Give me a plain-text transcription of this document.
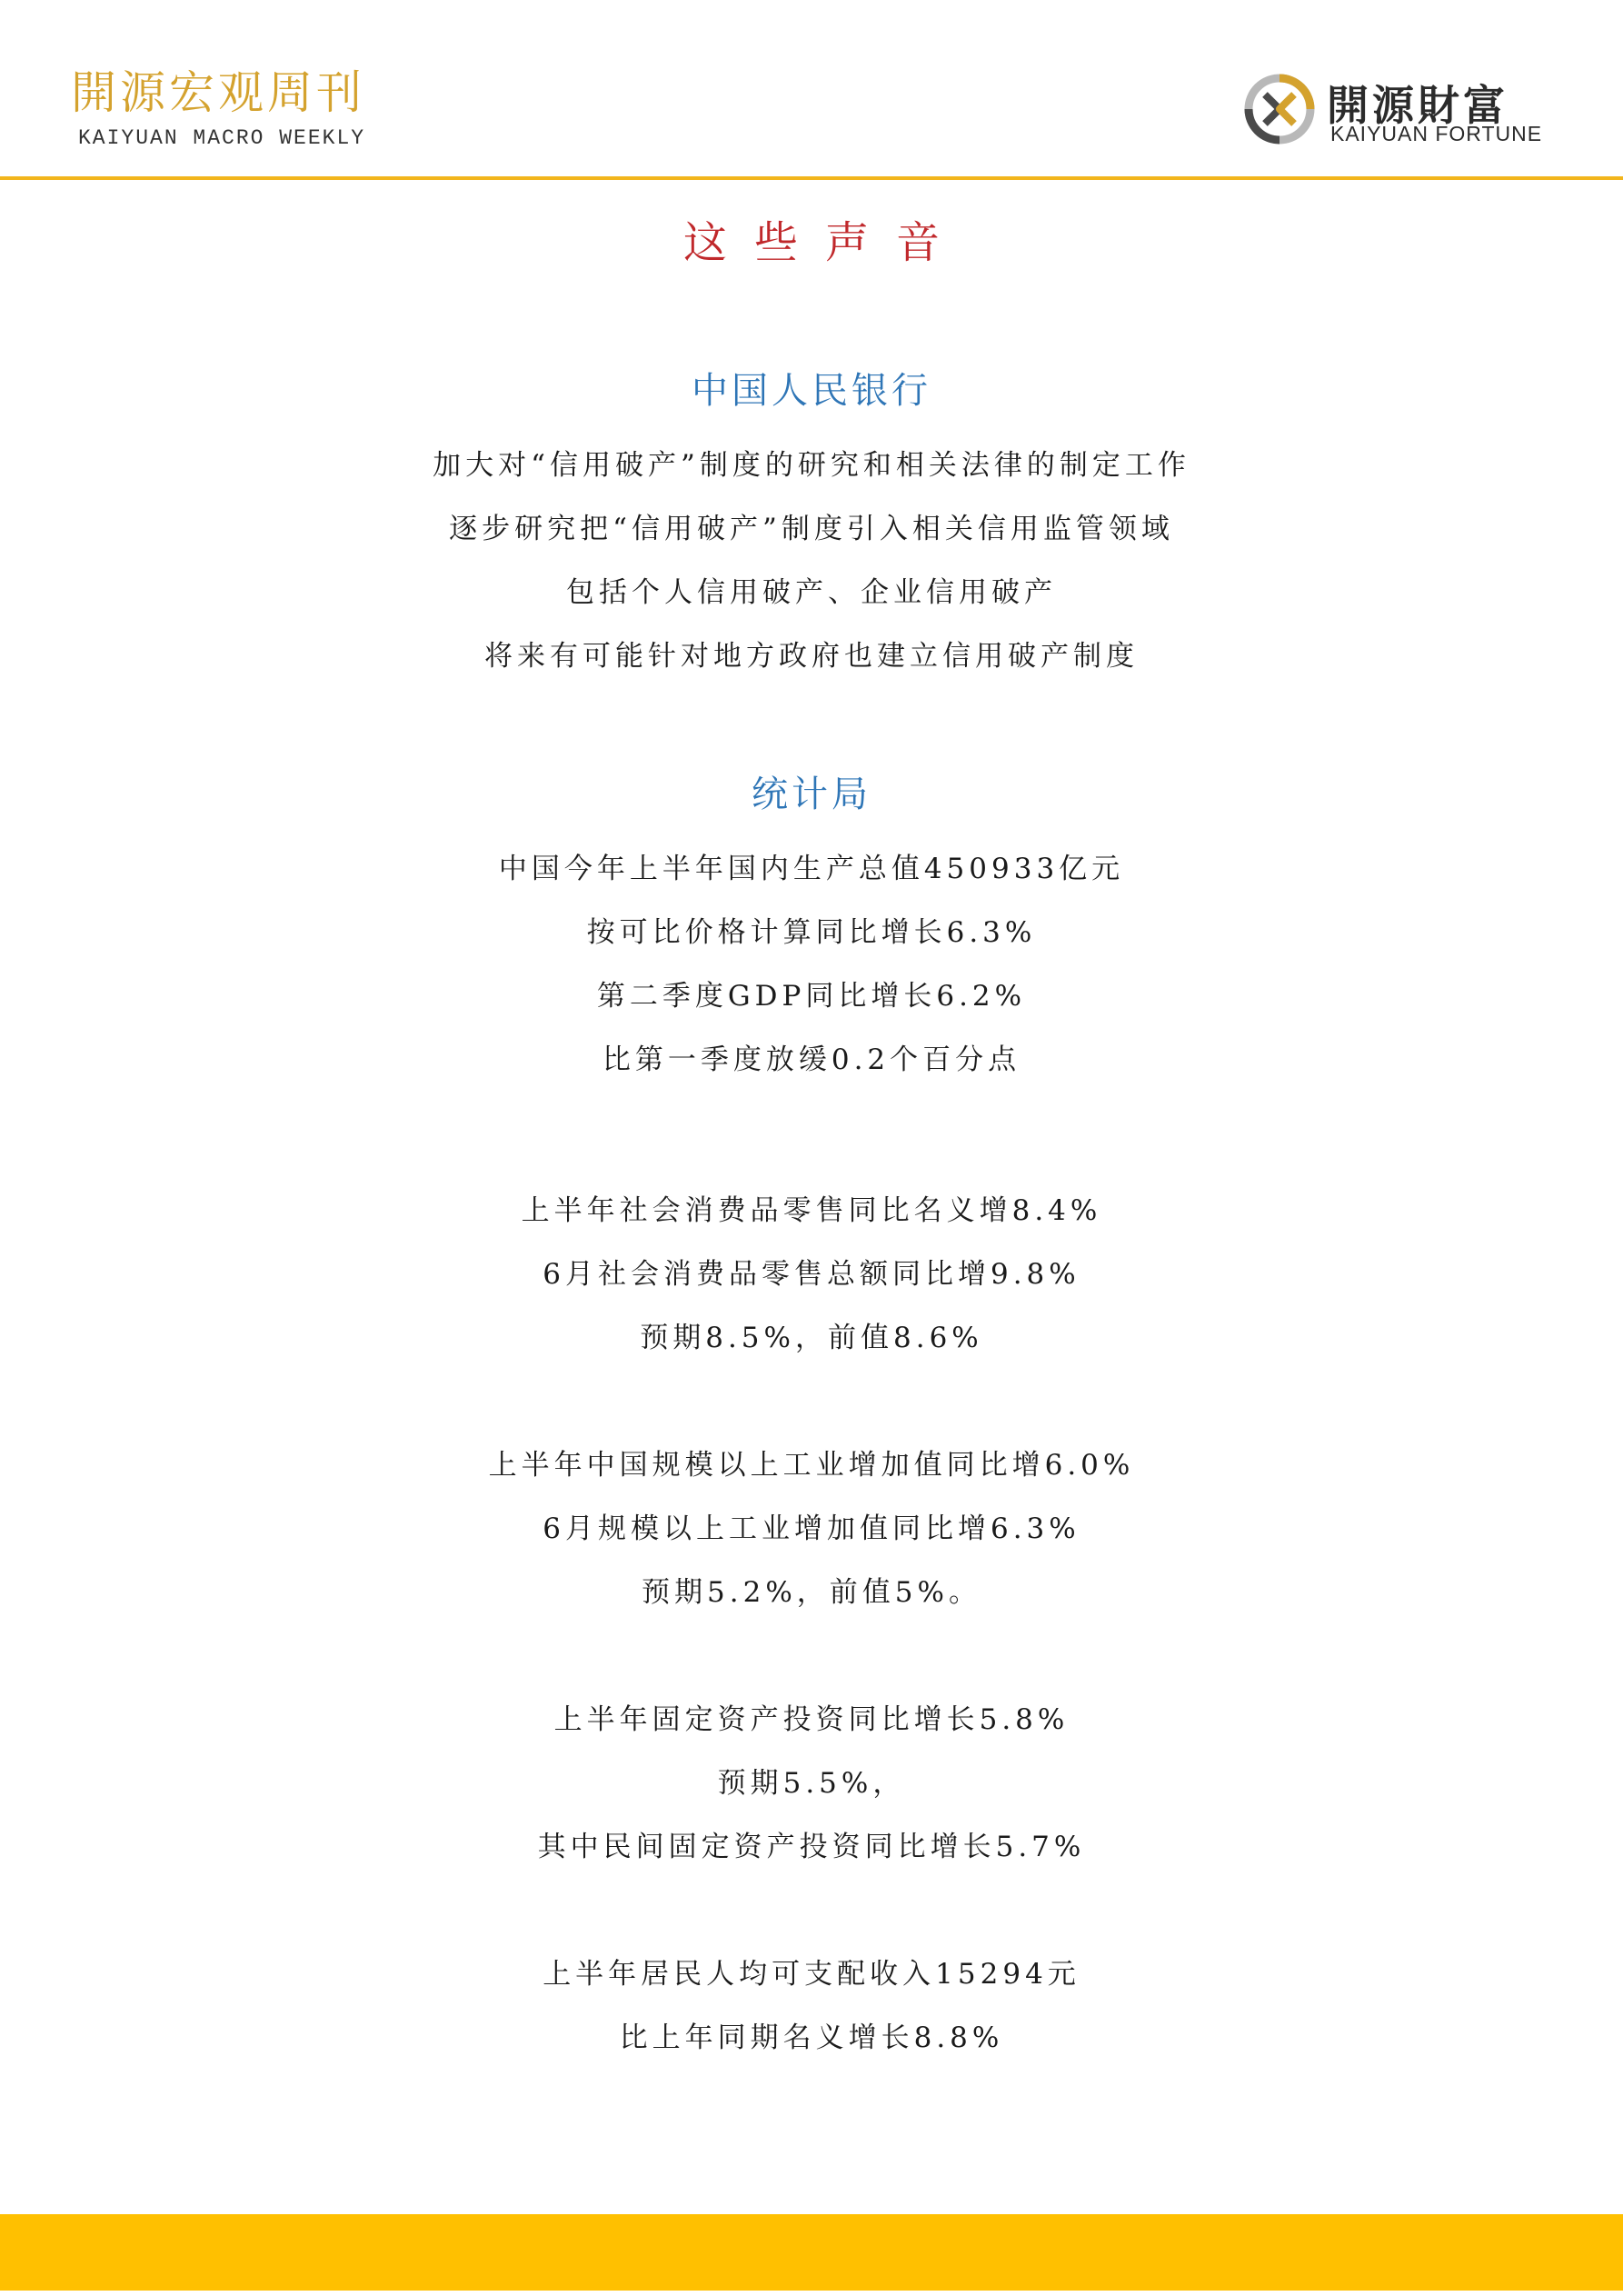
開源宏观周刊
KAIYUAN MACRO WEEKLY
開源財富
KAIYUAN FORTUNE
这些声音
中国人民银行
加大对“信用破产”制度的研究和相关法律的制定工作
逐步研究把“信用破产”制度引入相关信用监管领域
包括个人信用破产、企业信用破产
将来有可能针对地方政府也建立信用破产制度
统计局
中国今年上半年国内生产总值450933亿元
按可比价格计算同比增长6.3%
第二季度GDP同比增长6.2%
比第一季度放缓0.2个百分点
上半年社会消费品零售同比名义增8.4%
6月社会消费品零售总额同比增9.8%
预期8.5%，前值8.6%
上半年中国规模以上工业增加值同比增6.0%
6月规模以上工业增加值同比增6.3%
预期5.2%，前值5%。
上半年固定资产投资同比增长5.8%
预期5.5%，
其中民间固定资产投资同比增长5.7%
上半年居民人均可支配收入15294元
比上年同期名义增长8.8%
